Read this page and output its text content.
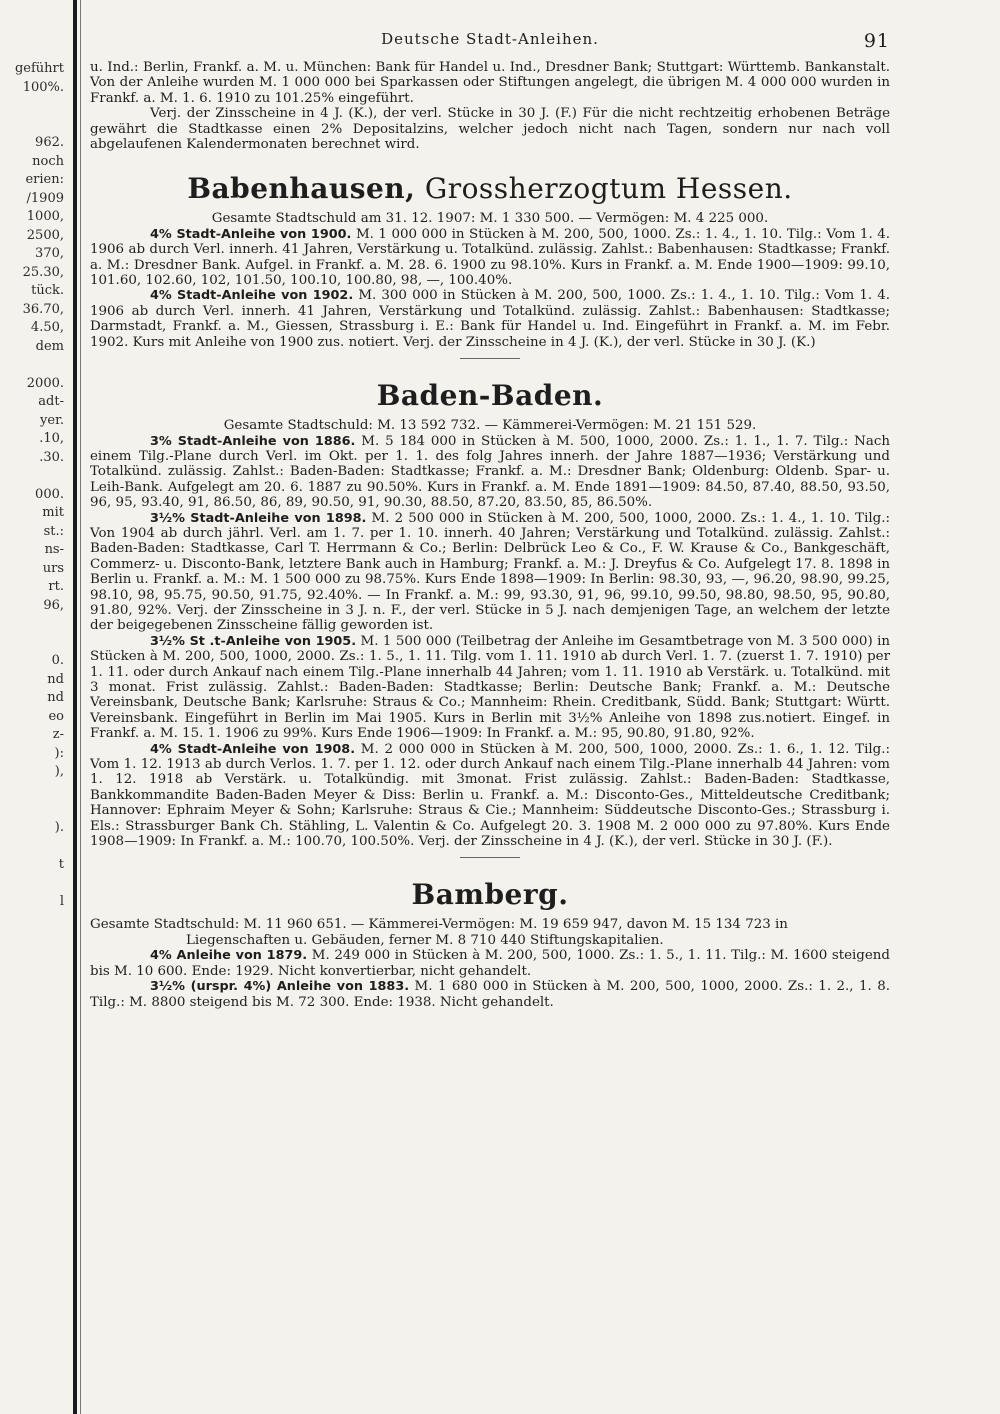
geführt
100%.

962.
noch
erien:
/1909
1000,
2500,
370,
25.30,
tück.
36.70,
4.50,
dem

2000.
adt-
yer.
.10,
.30.

000.
mit
st.:
ns-
urs
rt.
96,

0.
nd
nd
eo
z-
):
),

).

t

l

Deutsche Stadt-Anleihen.	91

u. Ind.: Berlin, Frankf. a. M. u. München: Bank für Handel u. Ind., Dresdner Bank; Stuttgart: Württemb. Bankanstalt. Von der Anleihe wurden M. 1 000 000 bei Sparkassen oder Stiftungen angelegt, die übrigen M. 4 000 000 wurden in Frankf. a. M. 1. 6. 1910 zu 101.25% eingeführt.

Verj. der Zinsscheine in 4 J. (K.), der verl. Stücke in 30 J. (F.) Für die nicht rechtzeitig erhobenen Beträge gewährt die Stadtkasse einen 2% Depositalzins, welcher jedoch nicht nach Tagen, sondern nur nach voll abgelaufenen Kalendermonaten berechnet wird.

Babenhausen, Grossherzogtum Hessen.

Gesamte Stadtschuld am 31. 12. 1907: M. 1 330 500. — Vermögen: M. 4 225 000.

4% Stadt-Anleihe von 1900. M. 1 000 000 in Stücken à M. 200, 500, 1000. Zs.: 1. 4., 1. 10. Tilg.: Vom 1. 4. 1906 ab durch Verl. innerh. 41 Jahren, Verstärkung u. Totalkünd. zulässig. Zahlst.: Babenhausen: Stadtkasse; Frankf. a. M.: Dresdner Bank. Aufgel. in Frankf. a. M. 28. 6. 1900 zu 98.10%. Kurs in Frankf. a. M. Ende 1900—1909: 99.10, 101.60, 102.60, 102, 101.50, 100.10, 100.80, 98, —, 100.40%.

4% Stadt-Anleihe von 1902. M. 300 000 in Stücken à M. 200, 500, 1000. Zs.: 1. 4., 1. 10. Tilg.: Vom 1. 4. 1906 ab durch Verl. innerh. 41 Jahren, Verstärkung und Totalkünd. zulässig. Zahlst.: Babenhausen: Stadtkasse; Darmstadt, Frankf. a. M., Giessen, Strassburg i. E.: Bank für Handel u. Ind. Eingeführt in Frankf. a. M. im Febr. 1902. Kurs mit Anleihe von 1900 zus. notiert. Verj. der Zinsscheine in 4 J. (K.), der verl. Stücke in 30 J. (K.)

Baden-Baden.

Gesamte Stadtschuld: M. 13 592 732. — Kämmerei-Vermögen: M. 21 151 529.

3% Stadt-Anleihe von 1886. M. 5 184 000 in Stücken à M. 500, 1000, 2000. Zs.: 1. 1., 1. 7. Tilg.: Nach einem Tilg.-Plane durch Verl. im Okt. per 1. 1. des folg Jahres innerh. der Jahre 1887—1936; Verstärkung und Totalkünd. zulässig. Zahlst.: Baden-Baden: Stadtkasse; Frankf. a. M.: Dresdner Bank; Oldenburg: Oldenb. Spar- u. Leih-Bank. Aufgelegt am 20. 6. 1887 zu 90.50%. Kurs in Frankf. a. M. Ende 1891—1909: 84.50, 87.40, 88.50, 93.50, 96, 95, 93.40, 91, 86.50, 86, 89, 90.50, 91, 90.30, 88.50, 87.20, 83.50, 85, 86.50%.

3½% Stadt-Anleihe von 1898. M. 2 500 000 in Stücken à M. 200, 500, 1000, 2000. Zs.: 1. 4., 1. 10. Tilg.: Von 1904 ab durch jährl. Verl. am 1. 7. per 1. 10. innerh. 40 Jahren; Verstärkung und Totalkünd. zulässig. Zahlst.: Baden-Baden: Stadtkasse, Carl T. Herrmann & Co.; Berlin: Delbrück Leo & Co., F. W. Krause & Co., Bankgeschäft, Commerz- u. Disconto-Bank, letztere Bank auch in Hamburg; Frankf. a. M.: J. Dreyfus & Co. Aufgelegt 17. 8. 1898 in Berlin u. Frankf. a. M.: M. 1 500 000 zu 98.75%. Kurs Ende 1898—1909: In Berlin: 98.30, 93, —, 96.20, 98.90, 99.25, 98.10, 98, 95.75, 90.50, 91.75, 92.40%. — In Frankf. a. M.: 99, 93.30, 91, 96, 99.10, 99.50, 98.80, 98.50, 95, 90.80, 91.80, 92%. Verj. der Zinsscheine in 3 J. n. F., der verl. Stücke in 5 J. nach demjenigen Tage, an welchem der letzte der beigegebenen Zinsscheine fällig geworden ist.

3½% St .t-Anleihe von 1905. M. 1 500 000 (Teilbetrag der Anleihe im Gesamtbetrage von M. 3 500 000) in Stücken à M. 200, 500, 1000, 2000. Zs.: 1. 5., 1. 11. Tilg. vom 1. 11. 1910 ab durch Verl. 1. 7. (zuerst 1. 7. 1910) per 1. 11. oder durch Ankauf nach einem Tilg.-Plane innerhalb 44 Jahren; vom 1. 11. 1910 ab Verstärk. u. Totalkünd. mit 3 monat. Frist zulässig. Zahlst.: Baden-Baden: Stadtkasse; Berlin: Deutsche Bank; Frankf. a. M.: Deutsche Vereinsbank, Deutsche Bank; Karlsruhe: Straus & Co.; Mannheim: Rhein. Creditbank, Südd. Bank; Stuttgart: Württ. Vereinsbank. Eingeführt in Berlin im Mai 1905. Kurs in Berlin mit 3½% Anleihe von 1898 zus.notiert. Eingef. in Frankf. a. M. 15. 1. 1906 zu 99%. Kurs Ende 1906—1909: In Frankf. a. M.: 95, 90.80, 91.80, 92%.

4% Stadt-Anleihe von 1908. M. 2 000 000 in Stücken à M. 200, 500, 1000, 2000. Zs.: 1. 6., 1. 12. Tilg.: Vom 1. 12. 1913 ab durch Verlos. 1. 7. per 1. 12. oder durch Ankauf nach einem Tilg.-Plane innerhalb 44 Jahren: vom 1. 12. 1918 ab Verstärk. u. Totalkündig. mit 3monat. Frist zulässig. Zahlst.: Baden-Baden: Stadtkasse, Bankkommandite Baden-Baden Meyer & Diss: Berlin u. Frankf. a. M.: Disconto-Ges., Mitteldeutsche Creditbank; Hannover: Ephraim Meyer & Sohn; Karlsruhe: Straus & Cie.; Mannheim: Süddeutsche Disconto-Ges.; Strassburg i. Els.: Strassburger Bank Ch. Stähling, L. Valentin & Co. Aufgelegt 20. 3. 1908 M. 2 000 000 zu 97.80%. Kurs Ende 1908—1909: In Frankf. a. M.: 100.70, 100.50%. Verj. der Zinsscheine in 4 J. (K.), der verl. Stücke in 30 J. (F.).

Bamberg.

Gesamte Stadtschuld: M. 11 960 651. — Kämmerei-Vermögen: M. 19 659 947, davon M. 15 134 723 in Liegenschaften u. Gebäuden, ferner M. 8 710 440 Stiftungskapitalien.

4% Anleihe von 1879. M. 249 000 in Stücken à M. 200, 500, 1000. Zs.: 1. 5., 1. 11. Tilg.: M. 1600 steigend bis M. 10 600. Ende: 1929. Nicht konvertierbar, nicht gehandelt.

3½% (urspr. 4%) Anleihe von 1883. M. 1 680 000 in Stücken à M. 200, 500, 1000, 2000. Zs.: 1. 2., 1. 8. Tilg.: M. 8800 steigend bis M. 72 300. Ende: 1938. Nicht gehandelt.
